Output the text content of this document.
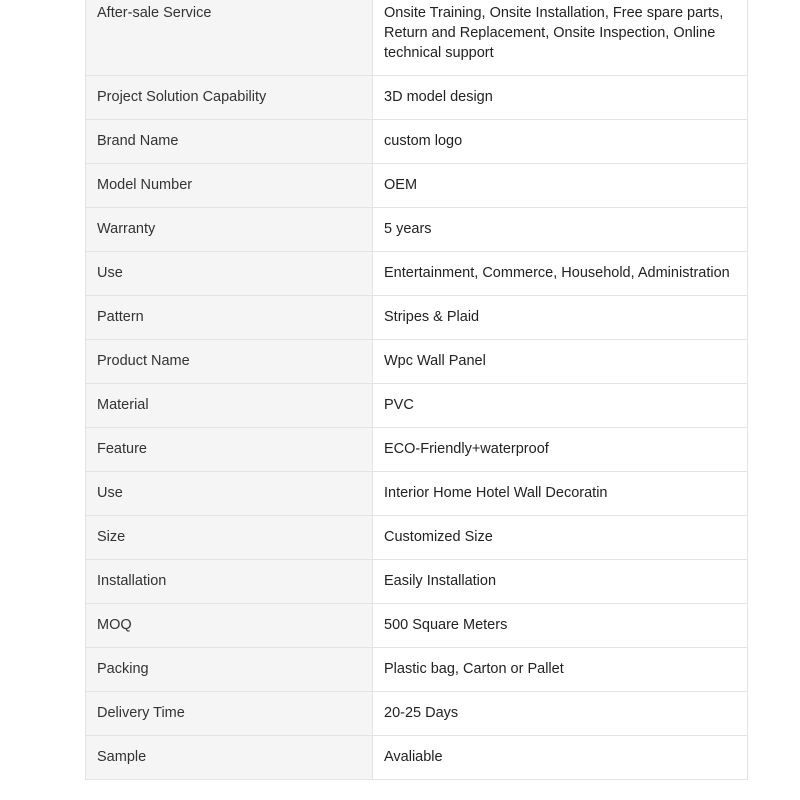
After-sale Service	Onsite Training, Onsite Installation, Free spare parts, Return and Replacement, Onsite Inspection, Online technical support
Project Solution Capability	3D model design
Brand Name	custom logo
Model Number	OEM
Warranty	5 years
Use	Entertainment, Commerce, Household, Administration
Pattern	Stripes & Plaid
Product Name	Wpc Wall Panel
Material	PVC
Feature	ECO-Friendly+waterproof
Use	Interior Home Hotel Wall Decoratin
Size	Customized Size
Installation	Easily Installation
MOQ	500 Square Meters
Packing	Plastic bag, Carton or Pallet
Delivery Time	20-25 Days
Sample	Avaliable
